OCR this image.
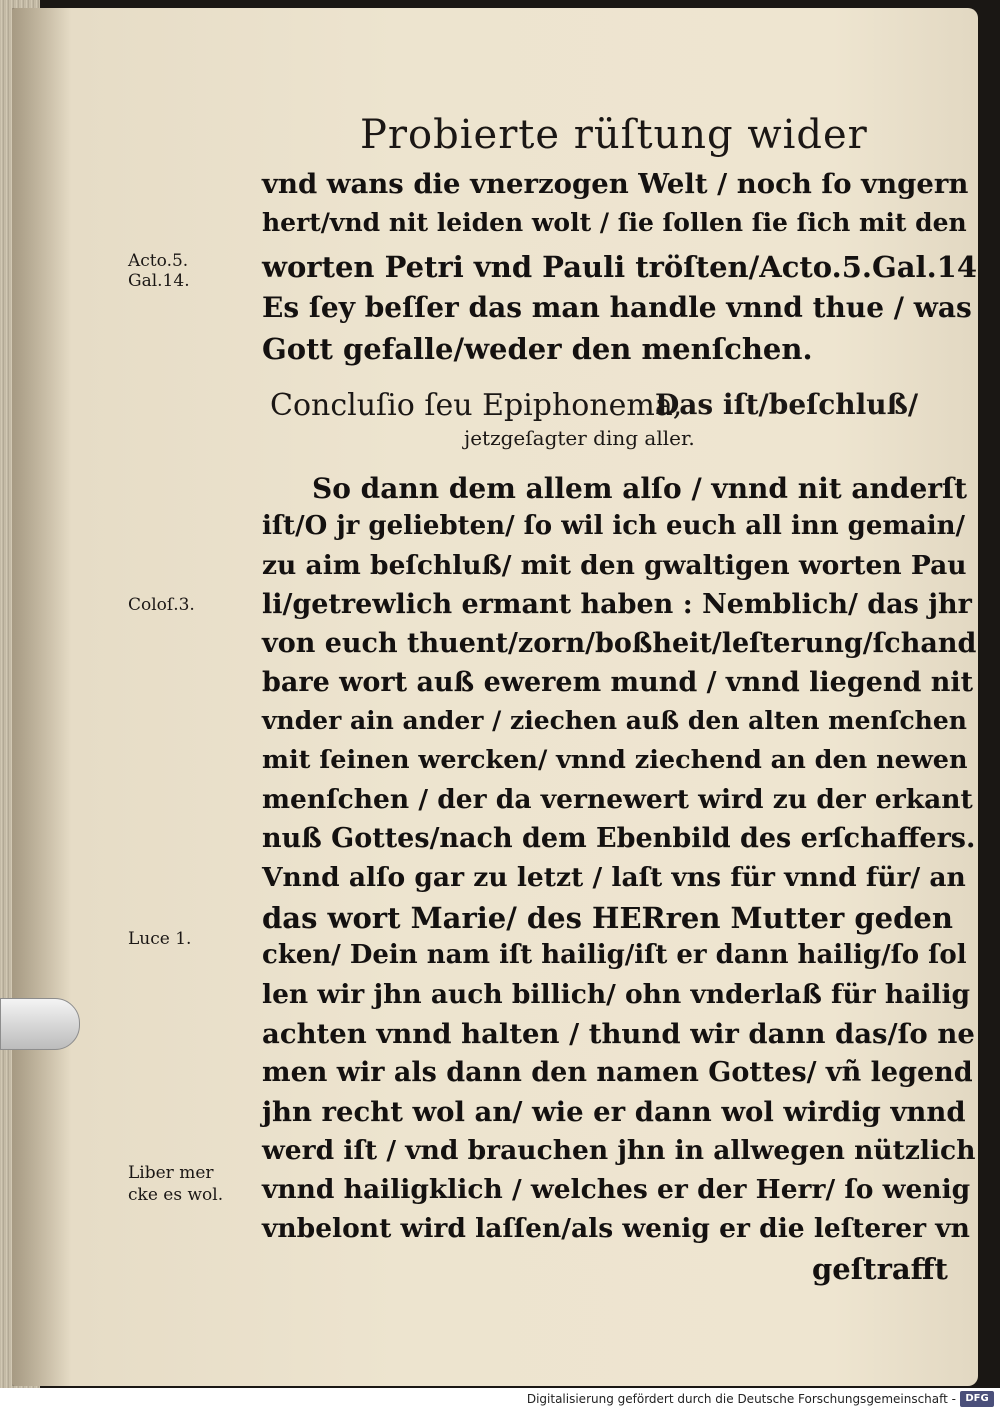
Probierte rüſtung wider
vnd wans die vnerzogen Welt / noch ſo vngern
hert/vnd nit leiden wolt / ſie ſollen ſie ſich mit den
worten Petri vnd Pauli tröſten/Acto.5.Gal.14
Es ſey beſſer das man handle vnnd thue / was
Gott gefalle/weder den menſchen.
Concluſio ſeu Epiphonema,
Das iſt/beſchluß/
jetzgeſagter ding aller.
So dann dem allem alſo / vnnd nit anderſt
iſt/O jr geliebten/ ſo wil ich euch all inn gemain/
zu aim beſchluß/ mit den gwaltigen worten Pau
li/getrewlich ermant haben : Nemblich/ das jhr
von euch thuent/zorn/boßheit/leſterung/ſchand
bare wort auß ewerem mund / vnnd liegend nit
vnder ain ander / ziechen auß den alten menſchen
mit ſeinen wercken/ vnnd ziechend an den newen
menſchen / der da vernewert wird zu der erkant
nuß Gottes/nach dem Ebenbild des erſchaffers.
Vnnd alſo gar zu letzt / laſt vns für vnnd für/ an
das wort Marie/ des HERren Mutter geden
cken/ Dein nam iſt hailig/iſt er dann hailig/ſo ſol
len wir jhn auch billich/ ohn vnderlaß für hailig
achten vnnd halten / thund wir dann das/ſo ne
men wir als dann den namen Gottes/ vñ legend
jhn recht wol an/ wie er dann wol wirdig vnnd
werd iſt / vnd brauchen jhn in allwegen nützlich
vnnd hailigklich / welches er der Herr/ ſo wenig
vnbelont wird laſſen/als wenig er die leſterer vn
geſtrafft
Acto.5.
Gal.14.
Coloſ.3.
Luce 1.
Liber mer
cke es wol.
Digitalisierung gefördert durch die Deutsche Forschungsgemeinschaft - DFG
